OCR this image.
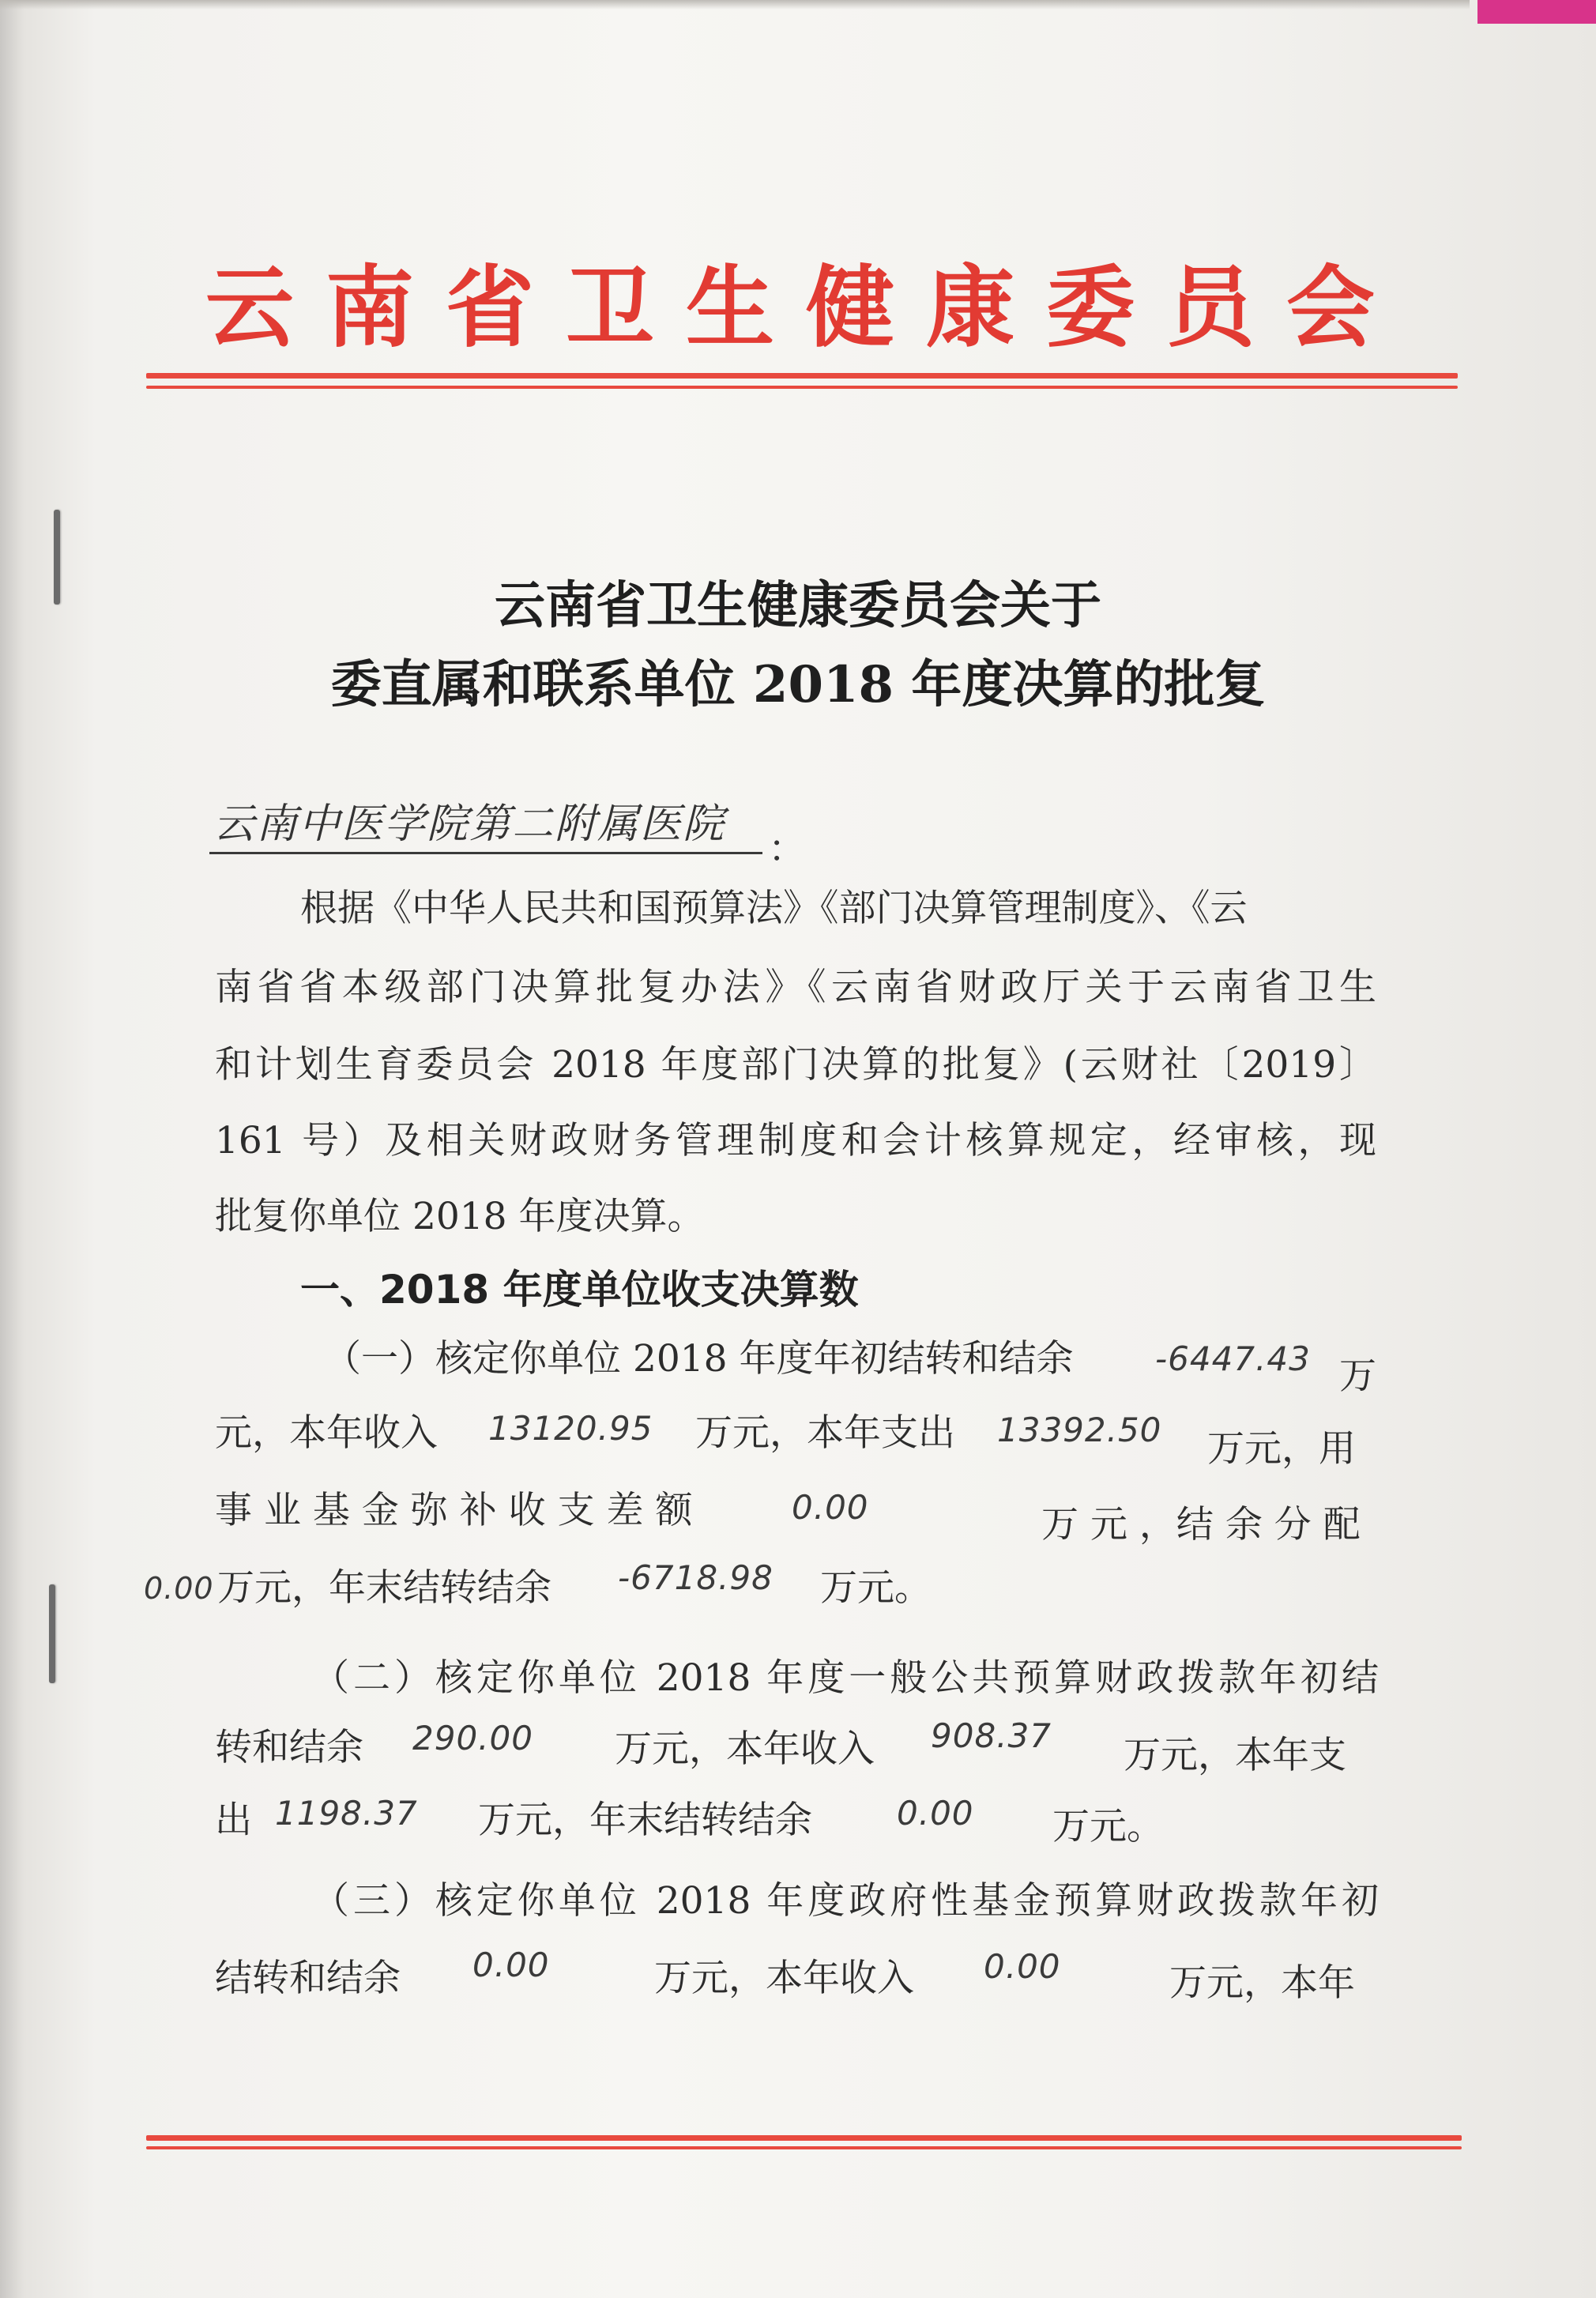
云南省卫生健康委员会
云南省卫生健康委员会关于
委直属和联系单位 2018 年度决算的批复
云南中医学院第二附属医院
：
根据《中华人民共和国预算法》《部门决算管理制度》、《云
南省省本级部门决算批复办法》《云南省财政厅关于云南省卫生
和计划生育委员会 2018 年度部门决算的批复》(云财社〔2019〕
161 号）及相关财政财务管理制度和会计核算规定，经审核，现
批复你单位 2018 年度决算。
一、2018 年度单位收支决算数
（一）核定你单位 2018 年度年初结转和结余 -6447.43 万
元，本年收入 13120.95 万元，本年支出 13392.50 万元，用
事 业 基 金 弥 补 收 支 差 额	0.00	万 元 ，结 余 分 配
0.00 万元，年末结转结余 -6718.98 万元。
（二）核定你单位 2018 年度一般公共预算财政拨款年初结
转和结余 290.00 万元，本年收入 908.37 万元，本年支
出 1198.37 万元，年末结转结余	0.00 万元。
（三）核定你单位 2018 年度政府性基金预算财政拨款年初
结转和结余 0.00	万元，本年收入 0.00	万元，本年
